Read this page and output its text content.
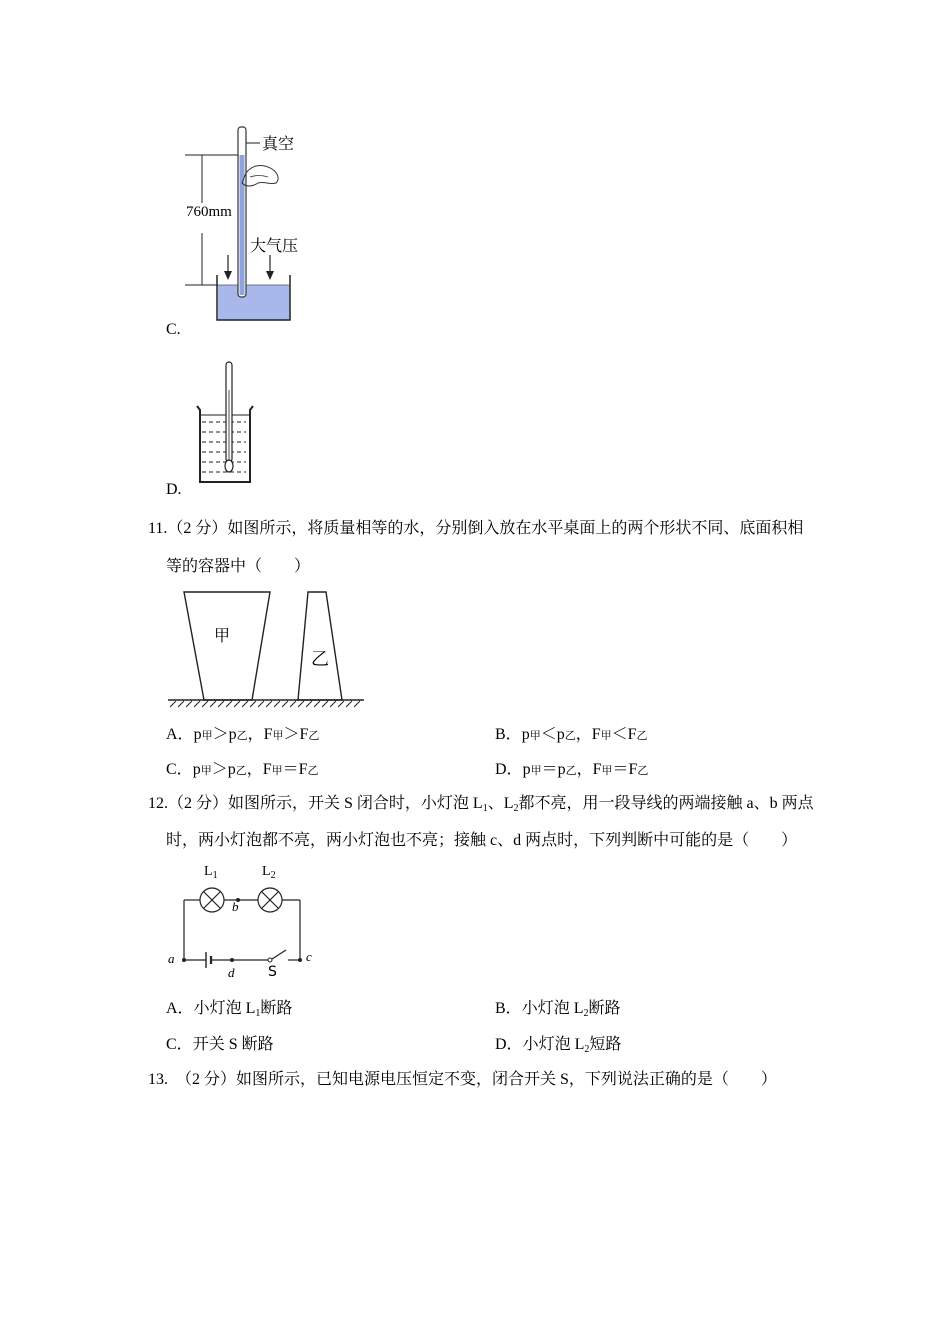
真空
760mm
大气压
C.
D.
11.（2 分）如图所示，将质量相等的水，分别倒入放在水平桌面上的两个形状不同、底面积相
等的容器中（　　）
甲
乙
A．p甲＞p乙，F甲＞F乙	B．p甲＜p乙，F甲＜F乙
C．p甲＞p乙，F甲＝F乙	D．p甲＝p乙，F甲＝F乙
12.（2 分）如图所示，开关 S 闭合时，小灯泡 $L_1$、$L_2$都不亮，用一段导线的两端接触 a、b 两点
时，两小灯泡都不亮，两小灯泡也不亮；接触 c、d 两点时，下列判断中可能的是（　　）
$L_1$	$L_2$
b
a
d S
c
A．小灯泡 $L_1$断路	B．小灯泡 $L_2$断路
C．开关 S 断路	D．小灯泡 $L_2$短路
13.　（2 分）如图所示，已知电源电压恒定不变，闭合开关 S，下列说法正确的是（　　）
